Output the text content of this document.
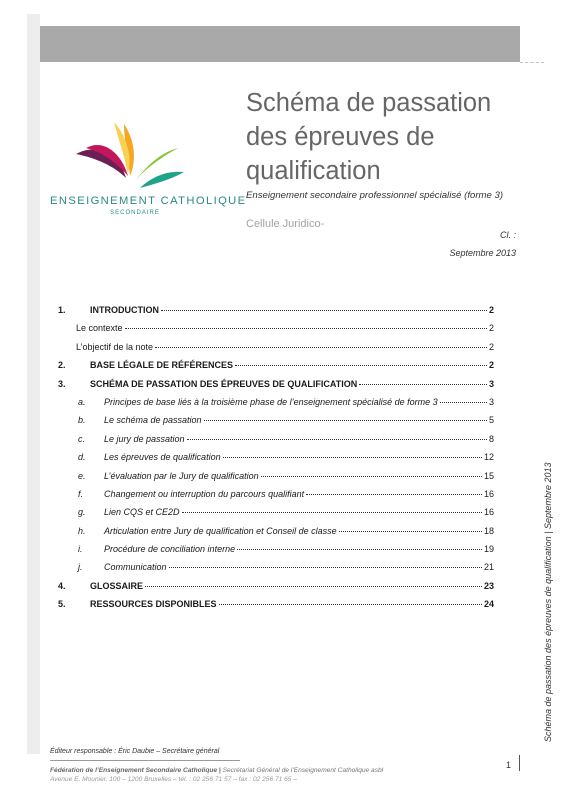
ENSEIGNEMENT CATHOLIQUE
SECONDAIRE
Schéma de passation des épreuves de qualification
Enseignement secondaire professionnel spécialisé (forme 3)
Cellule Juridico-
Cl. :
Septembre 2013
1.	INTRODUCTION	2
Le contexte	2
L’objectif de la note	2
2.	BASE LÉGALE DE RÉFÉRENCES	2
3.	SCHÉMA DE PASSATION DES ÉPREUVES DE QUALIFICATION	3
a.	Principes de base liés à la troisième phase de l’enseignement spécialisé de forme 3	3
b.	Le schéma de passation	5
c.	Le jury de passation	8
d.	Les épreuves de qualification	12
e.	L’évaluation par le Jury de qualification	15
f.	Changement ou interruption du parcours qualifiant	16
g.	Lien CQS et CE2D	16
h.	Articulation entre Jury de qualification et Conseil de classe	18
i.	Procédure de conciliation interne	19
j.	Communication	21
4.	GLOSSAIRE	23
5.	RESSOURCES DISPONIBLES	24	Schéma de passation des épreuves de qualification | Septembre 2013
Éditeur responsable : Éric Daubie – Secrétaire général
Fédération de l’Enseignement Secondaire Catholique | Secrétariat Général de l’Enseignement Catholique asbl
Avenue E. Mounier, 100 – 1200 Bruxelles – tél. : 02 256 71 57 – fax : 02 256 71 65 –
1
